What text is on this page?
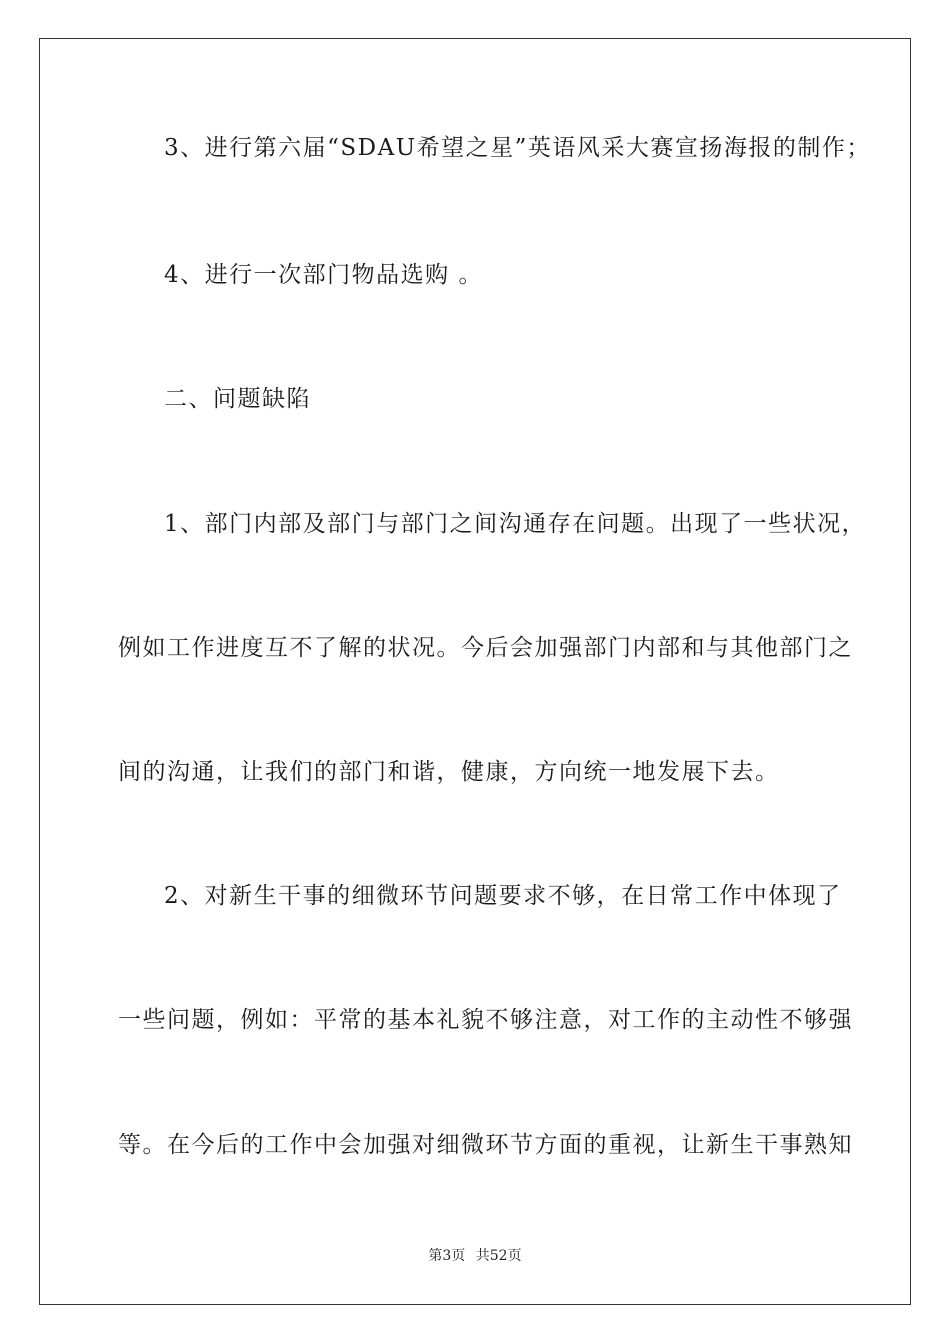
3、进行第六届“SDAU希望之星”英语风采大赛宣扬海报的制作；
4、进行一次部门物品选购 。
二、问题缺陷
1、部门内部及部门与部门之间沟通存在问题。出现了一些状况，
例如工作进度互不了解的状况。今后会加强部门内部和与其他部门之
间的沟通，让我们的部门和谐，健康，方向统一地发展下去。
2、对新生干事的细微环节问题要求不够，在日常工作中体现了
一些问题，例如：平常的基本礼貌不够注意，对工作的主动性不够强
等。在今后的工作中会加强对细微环节方面的重视，让新生干事熟知
第3页 共52页
